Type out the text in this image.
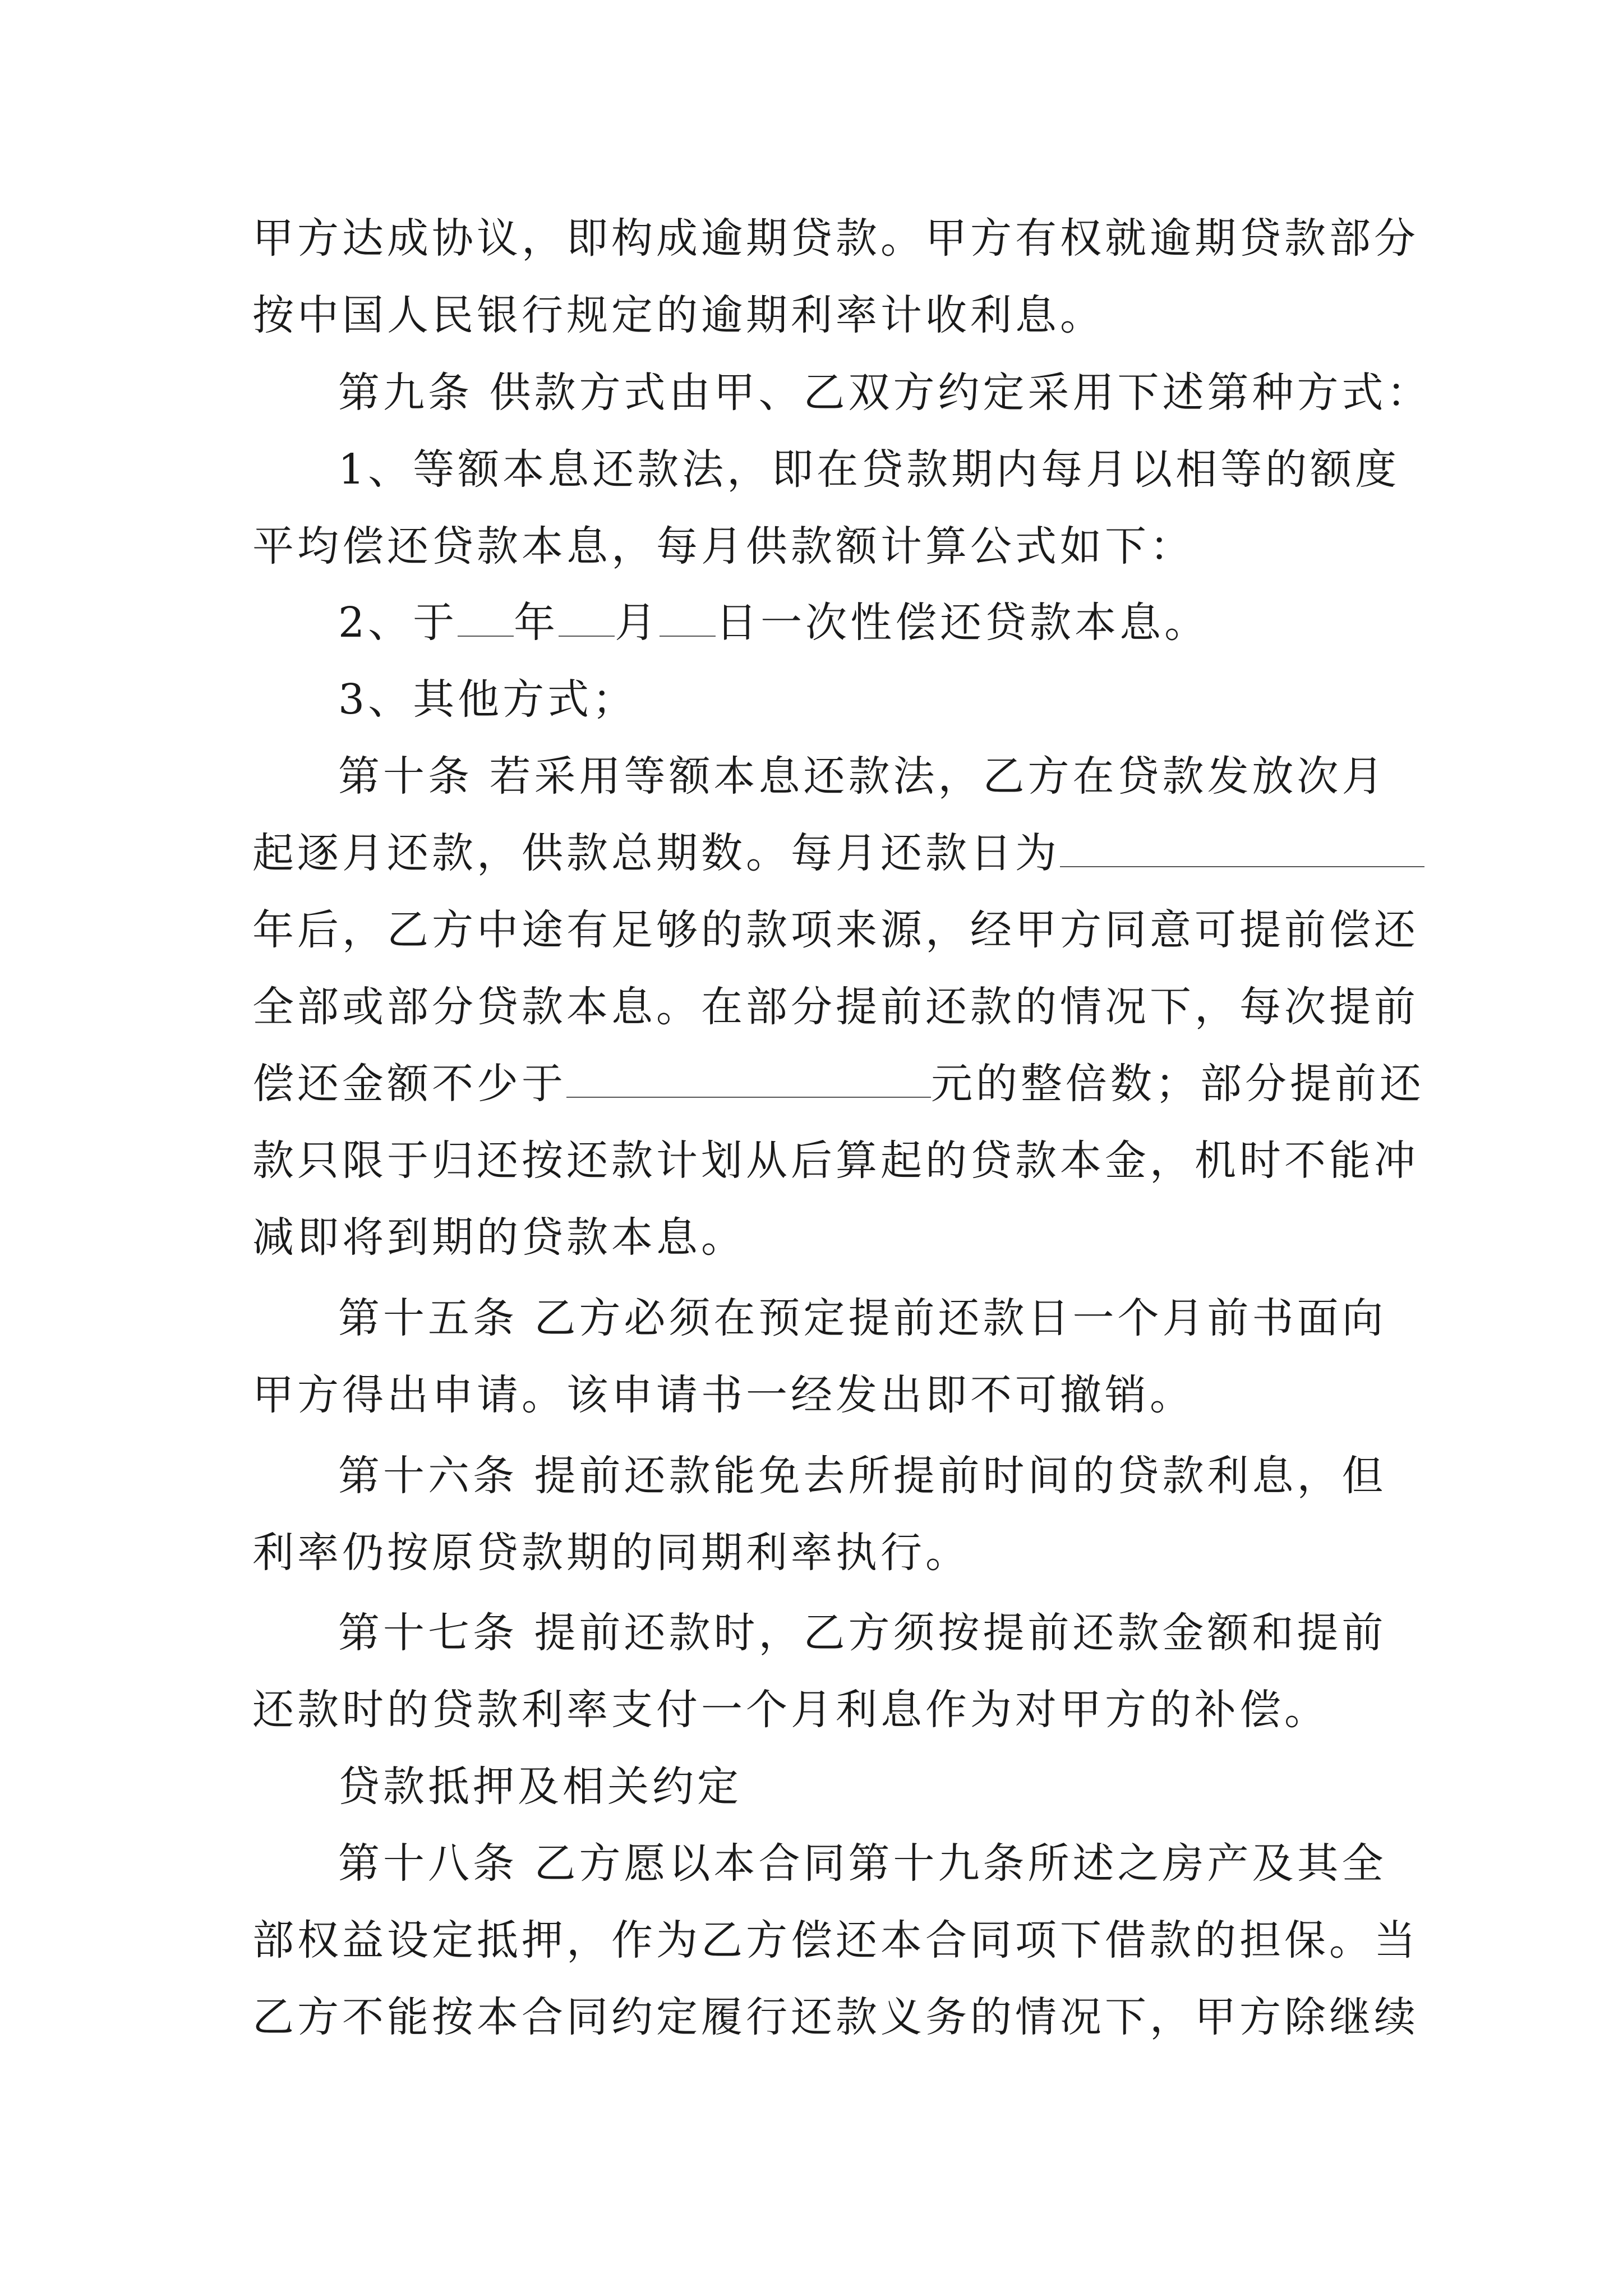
甲方达成协议，即构成逾期贷款。甲方有权就逾期贷款部分
按中国人民银行规定的逾期利率计收利息。
第九条 供款方式由甲、乙双方约定采用下述第种方式：
1、等额本息还款法，即在贷款期内每月以相等的额度
平均偿还贷款本息，每月供款额计算公式如下：
2、于 年 月 日一次性偿还贷款本息。
3、其他方式；
第十条 若采用等额本息还款法，乙方在贷款发放次月
起逐月还款，供款总期数。每月还款日为
年后，乙方中途有足够的款项来源，经甲方同意可提前偿还
全部或部分贷款本息。在部分提前还款的情况下，每次提前
偿还金额不少于	元的整倍数；部分提前还
款只限于归还按还款计划从后算起的贷款本金，机时不能冲
减即将到期的贷款本息。
第十五条 乙方必须在预定提前还款日一个月前书面向
甲方得出申请。该申请书一经发出即不可撤销。
第十六条 提前还款能免去所提前时间的贷款利息，但
利率仍按原贷款期的同期利率执行。
第十七条 提前还款时，乙方须按提前还款金额和提前
还款时的贷款利率支付一个月利息作为对甲方的补偿。
贷款抵押及相关约定
第十八条 乙方愿以本合同第十九条所述之房产及其全
部权益设定抵押，作为乙方偿还本合同项下借款的担保。当
乙方不能按本合同约定履行还款义务的情况下，甲方除继续
